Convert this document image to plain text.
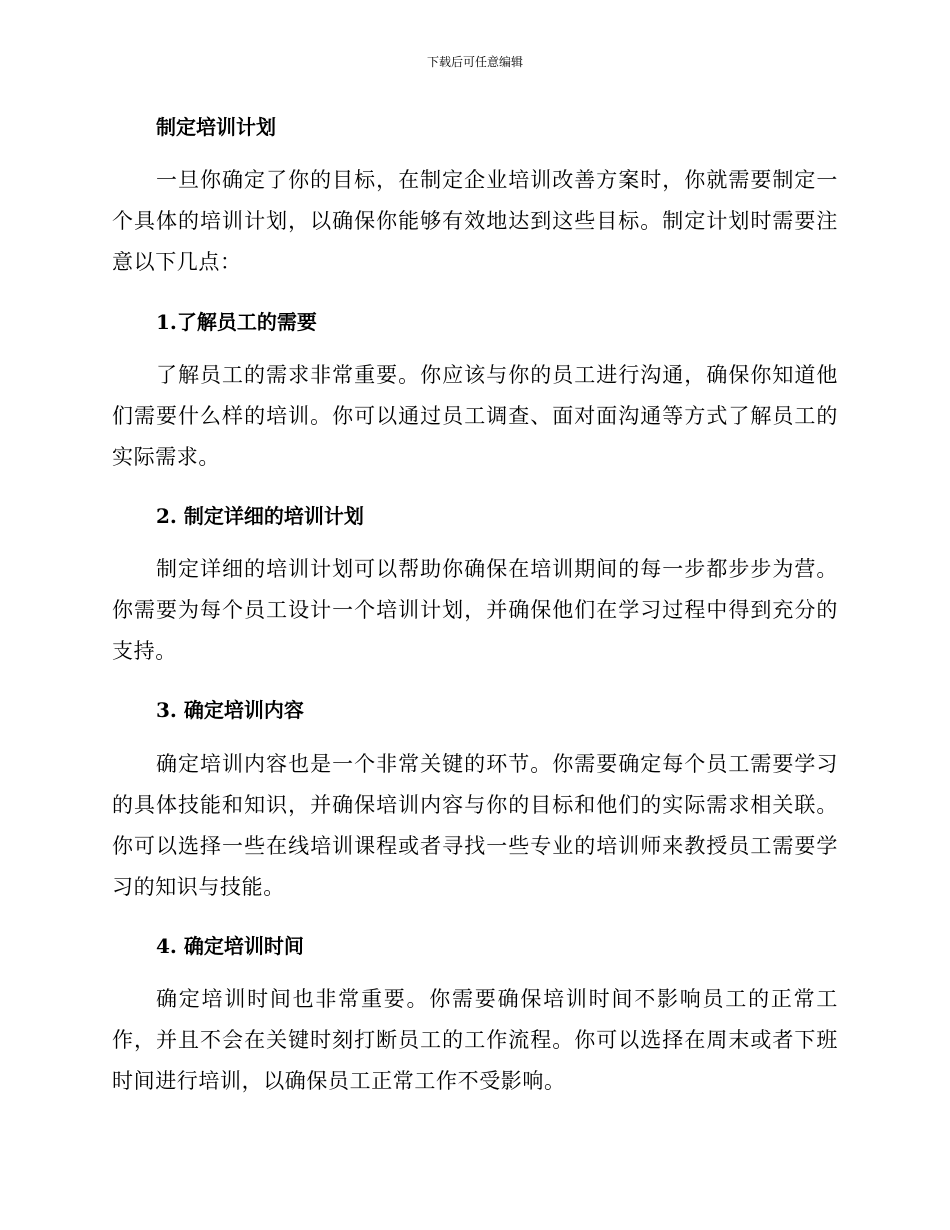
下载后可任意编辑
制定培训计划
一旦你确定了你的目标，在制定企业培训改善方案时，你就需要制定一个具体的培训计划，以确保你能够有效地达到这些目标。制定计划时需要注意以下几点：
1.了解员工的需要
了解员工的需求非常重要。你应该与你的员工进行沟通，确保你知道他们需要什么样的培训。你可以通过员工调查、面对面沟通等方式了解员工的实际需求。
2. 制定详细的培训计划
制定详细的培训计划可以帮助你确保在培训期间的每一步都步步为营。你需要为每个员工设计一个培训计划，并确保他们在学习过程中得到充分的支持。
3. 确定培训内容
确定培训内容也是一个非常关键的环节。你需要确定每个员工需要学习的具体技能和知识，并确保培训内容与你的目标和他们的实际需求相关联。你可以选择一些在线培训课程或者寻找一些专业的培训师来教授员工需要学习的知识与技能。
4. 确定培训时间
确定培训时间也非常重要。你需要确保培训时间不影响员工的正常工作，并且不会在关键时刻打断员工的工作流程。你可以选择在周末或者下班时间进行培训，以确保员工正常工作不受影响。
